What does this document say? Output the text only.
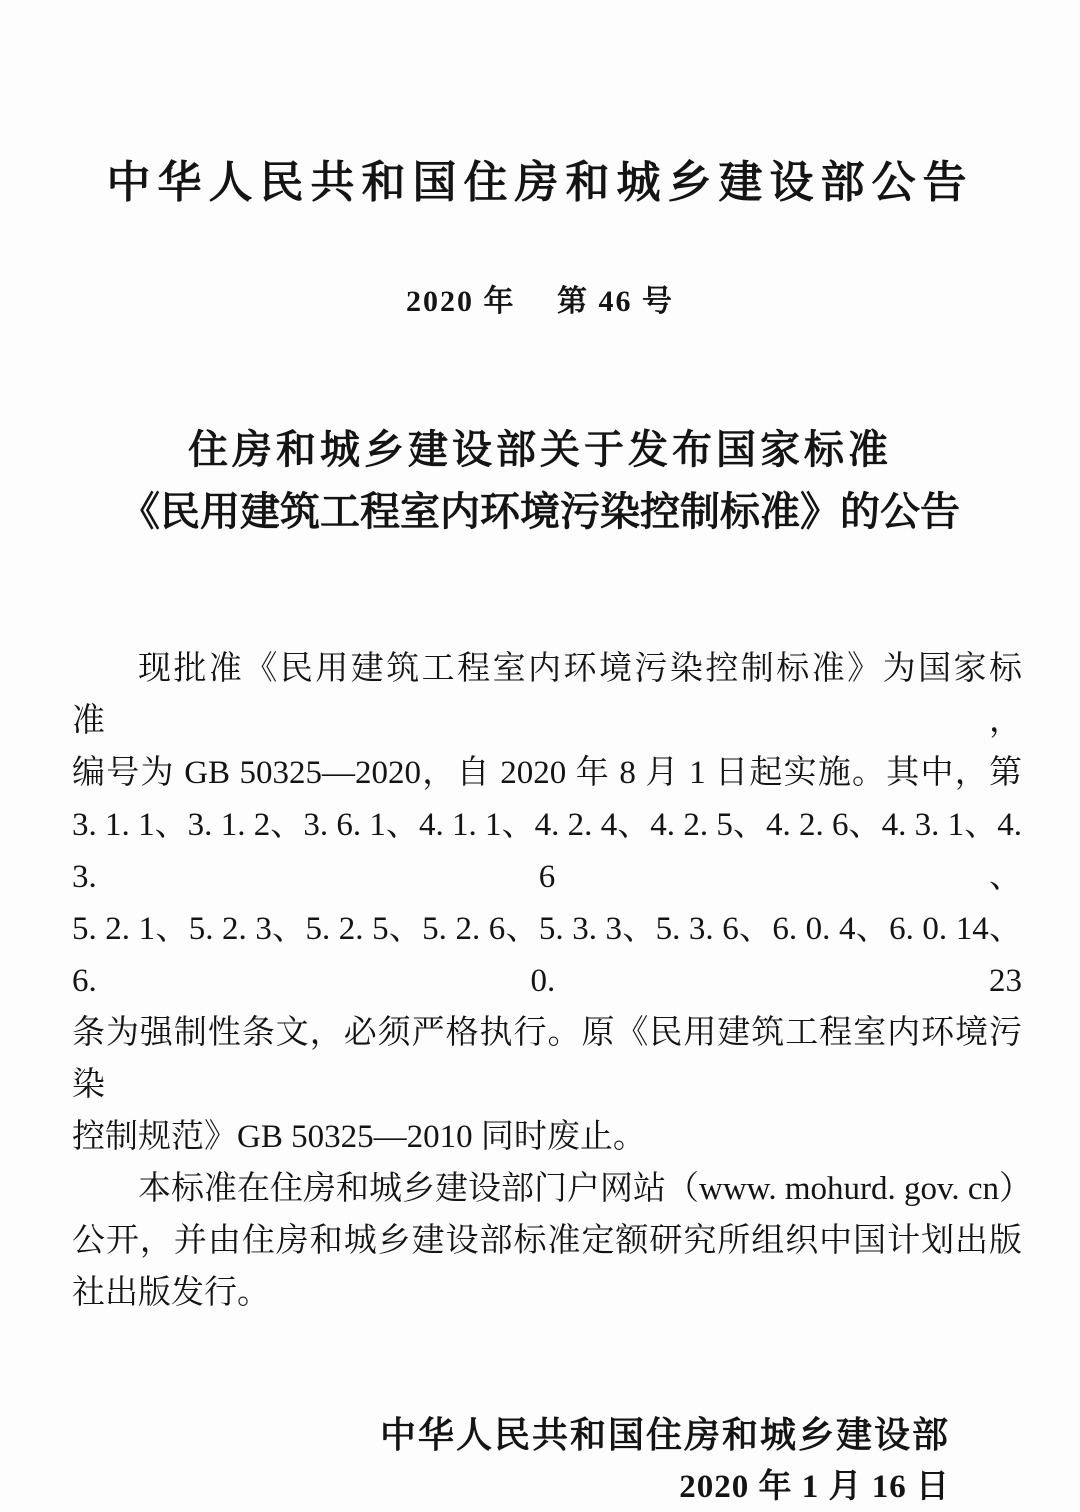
中华人民共和国住房和城乡建设部公告
2020 年　 第 46 号
住房和城乡建设部关于发布国家标准
《民用建筑工程室内环境污染控制标准》的公告
现批准《民用建筑工程室内环境污染控制标准》为国家标准，
编号为 GB 50325—2020，自 2020 年 8 月 1 日起实施。其中，第
3. 1. 1、3. 1. 2、3. 6. 1、4. 1. 1、4. 2. 4、4. 2. 5、4. 2. 6、4. 3. 1、4. 3. 6、
5. 2. 1、5. 2. 3、5. 2. 5、5. 2. 6、5. 3. 3、5. 3. 6、6. 0. 4、6. 0. 14、6. 0. 23
条为强制性条文，必须严格执行。原《民用建筑工程室内环境污染
控制规范》GB 50325—2010 同时废止。
本标准在住房和城乡建设部门户网站（www. mohurd. gov. cn）
公开，并由住房和城乡建设部标准定额研究所组织中国计划出版
社出版发行。
中华人民共和国住房和城乡建设部
2020 年 1 月 16 日
